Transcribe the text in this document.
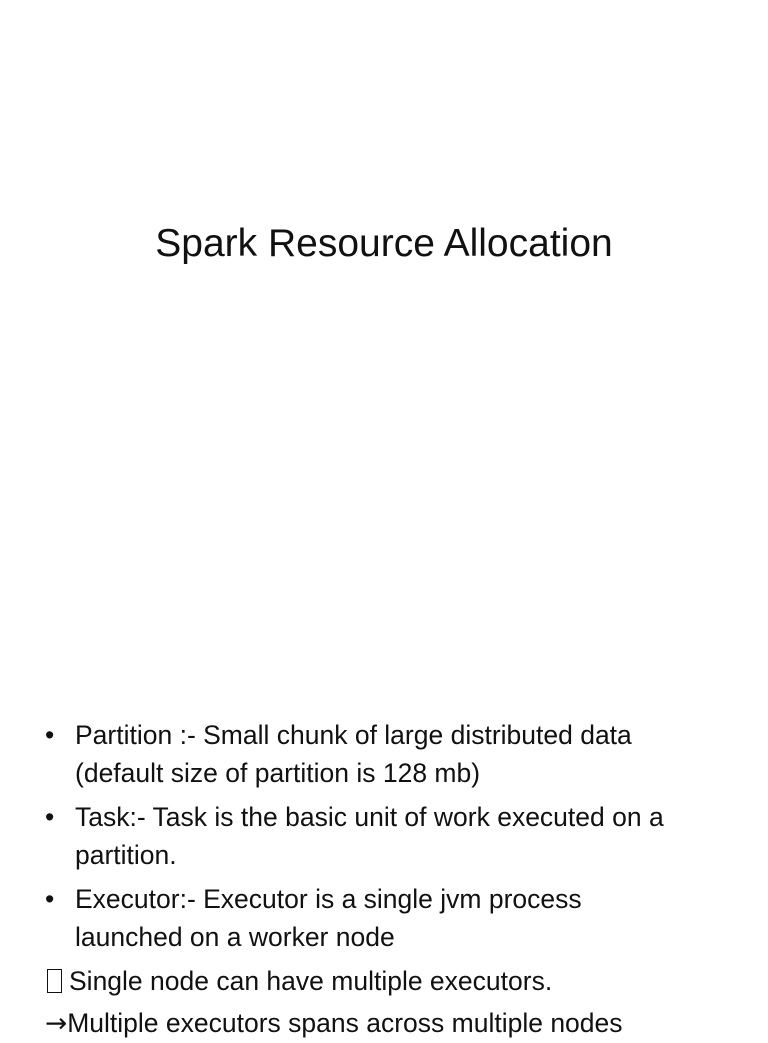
Spark Resource Allocation
• Partition :- Small chunk of large distributed data
(default size of partition is 128 mb)
• Task:- Task is the basic unit of work executed on a
partition.
• Executor:- Executor is a single jvm process
launched on a worker node
Single node can have multiple executors.
→Multiple executors spans across multiple nodes
